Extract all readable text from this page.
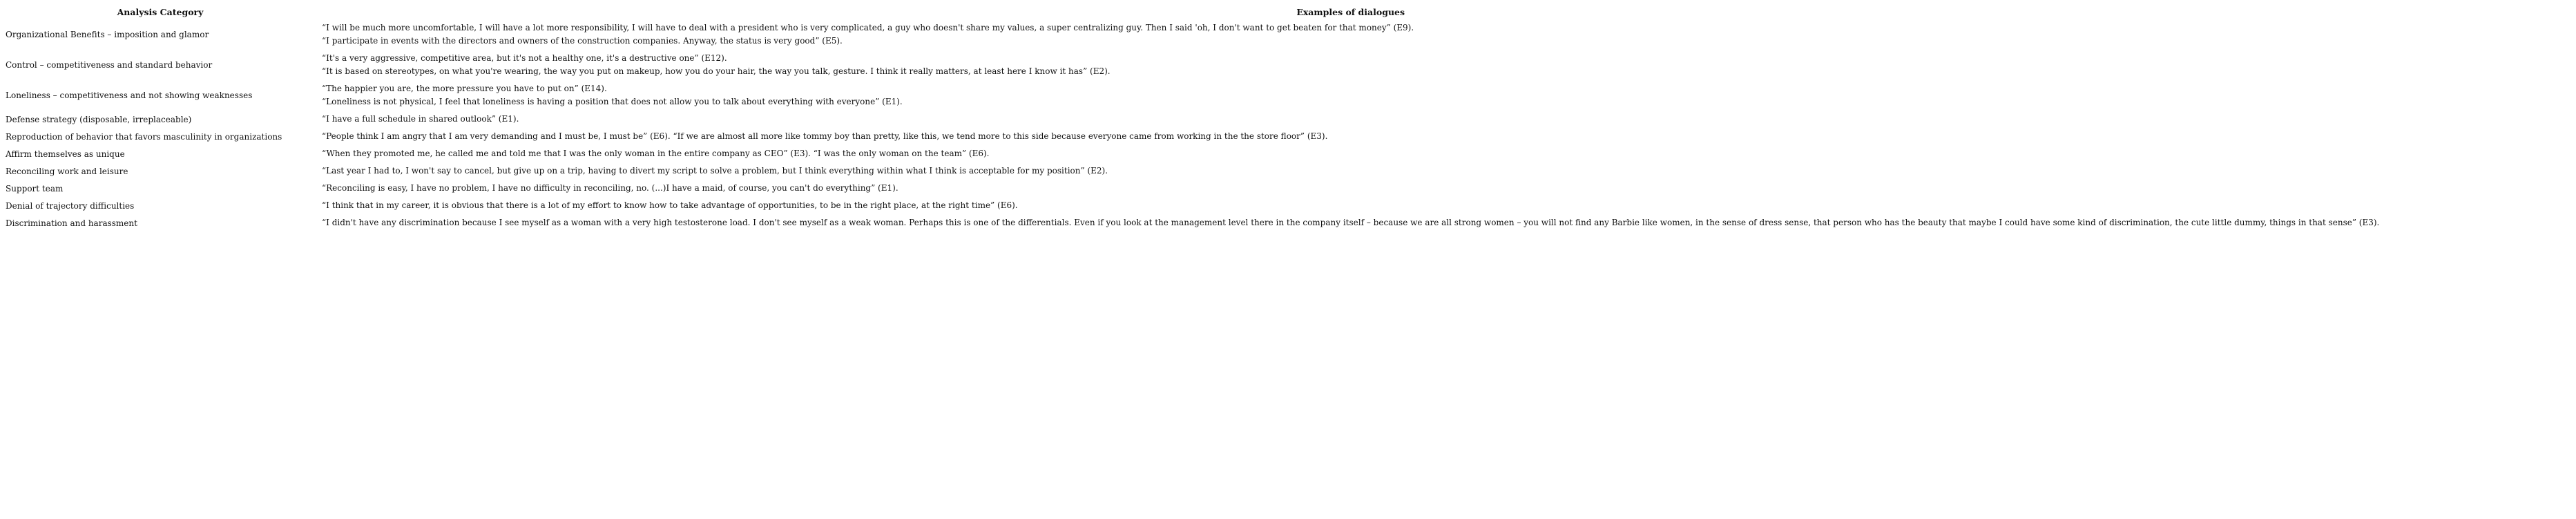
Analysis Category	Examples of dialogues
Organizational Benefits – imposition and glamor	“I will be much more uncomfortable, I will have a lot more responsibility, I will have to deal with a president who is very complicated, a guy who doesn't share my values, a super centralizing guy. Then I said 'oh, I don't want to get beaten for that money” (E9).
“I participate in events with the directors and owners of the construction companies. Anyway, the status is very good” (E5).

Control – competitiveness and standard behavior	“It's a very aggressive, competitive area, but it's not a healthy one, it's a destructive one” (E12).
“It is based on stereotypes, on what you're wearing, the way you put on makeup, how you do your hair, the way you talk, gesture. I think it really matters, at least here I know it has” (E2).

Loneliness – competitiveness and not showing weaknesses	“The happier you are, the more pressure you have to put on” (E14).
“Loneliness is not physical, I feel that loneliness is having a position that does not allow you to talk about everything with everyone” (E1).

Defense strategy (disposable, irreplaceable)	“I have a full schedule in shared outlook” (E1).

Reproduction of behavior that favors masculinity in organizations	“People think I am angry that I am very demanding and I must be, I must be” (E6). “If we are almost all more like tommy boy than pretty, like this, we tend more to this side because everyone came from working in the the store floor” (E3).

Affirm themselves as unique	“When they promoted me, he called me and told me that I was the only woman in the entire company as CEO” (E3). “I was the only woman on the team” (E6).

Reconciling work and leisure	“Last year I had to, I won't say to cancel, but give up on a trip, having to divert my script to solve a problem, but I think everything within what I think is acceptable for my position” (E2).

Support team	“Reconciling is easy, I have no problem, I have no difficulty in reconciling, no. (...)I have a maid, of course, you can't do everything” (E1).

Denial of trajectory difficulties	“I think that in my career, it is obvious that there is a lot of my effort to know how to take advantage of opportunities, to be in the right place, at the right time” (E6).

Discrimination and harassment	“I didn't have any discrimination because I see myself as a woman with a very high testosterone load. I don't see myself as a weak woman. Perhaps this is one of the differentials. Even if you look at the management level there in the company itself – because we are all strong women – you will not find any Barbie like women, in the sense of dress sense, that person who has the beauty that maybe I could have some kind of discrimination, the cute little dummy, things in that sense” (E3).
